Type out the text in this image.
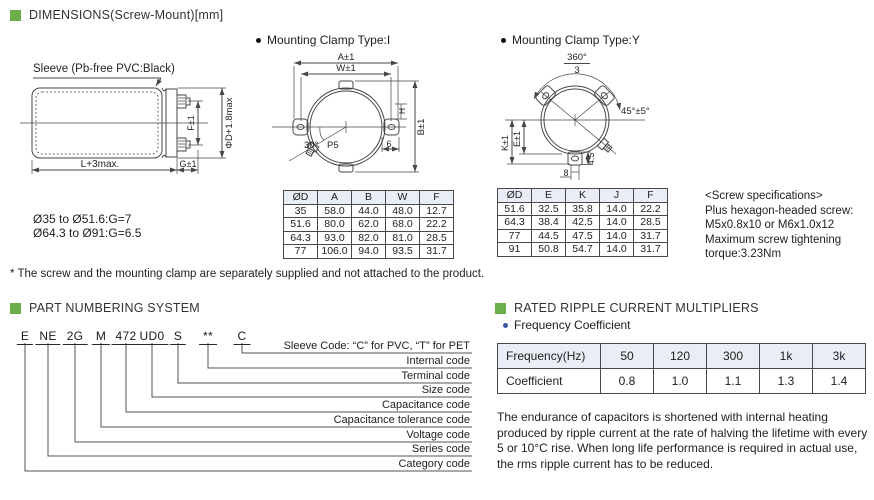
DIMENSIONS(Screw-Mount)[mm]
Mounting Clamp Type:I	Mounting Clamp Type:Y
L+3max.	G±1
F±1	ΦD+1.8max
A±1
W±1
B±1
6
H
30° P5
360°
3
45°±5°
K±1 E±1
8
4.5
Sleeve (Pb-free PVC:Black)
Ø35 to Ø51.6:G=7
Ø64.3 to Ø91:G=6.5
* The screw and the mounting clamp are separately supplied and not attached to the product.
ØD	A	B	W	F
35	58.0	44.0	48.0	12.7
51.6	80.0	62.0	68.0	22.2
64.3	93.0	82.0	81.0	28.5
77	106.0	94.0	93.5	31.7
ØD	E	K	J	F
51.6	32.5	35.8	14.0	22.2
64.3	38.4	42.5	14.0	28.5
77	44.5	47.5	14.0	31.7
91	50.8	54.7	14.0	31.7
<Screw specifications>
Plus hexagon-headed screw:
M5x0.8x10 or M6x1.0x12
Maximum screw tightening
torque:3.23Nm
PART NUMBERING SYSTEM
E NE 2G	M 472 UD0 S	**	C
Sleeve Code: “C” for PVC, “T” for PET
Internal code
Terminal code
Size code
Capacitance code
Capacitance tolerance code
Voltage code
Series code
Category code
RATED RIPPLE CURRENT MULTIPLIERS
Frequency Coefficient
Frequency(Hz)	50	120	300	1k	3k
Coefficient	0.8	1.0	1.1	1.3	1.4
The endurance of capacitors is shortened with internal heating produced by ripple current at the rate of halving the lifetime with every 5 or 10°C rise. When long life performance is required in actual use, the rms ripple current has to be reduced.
